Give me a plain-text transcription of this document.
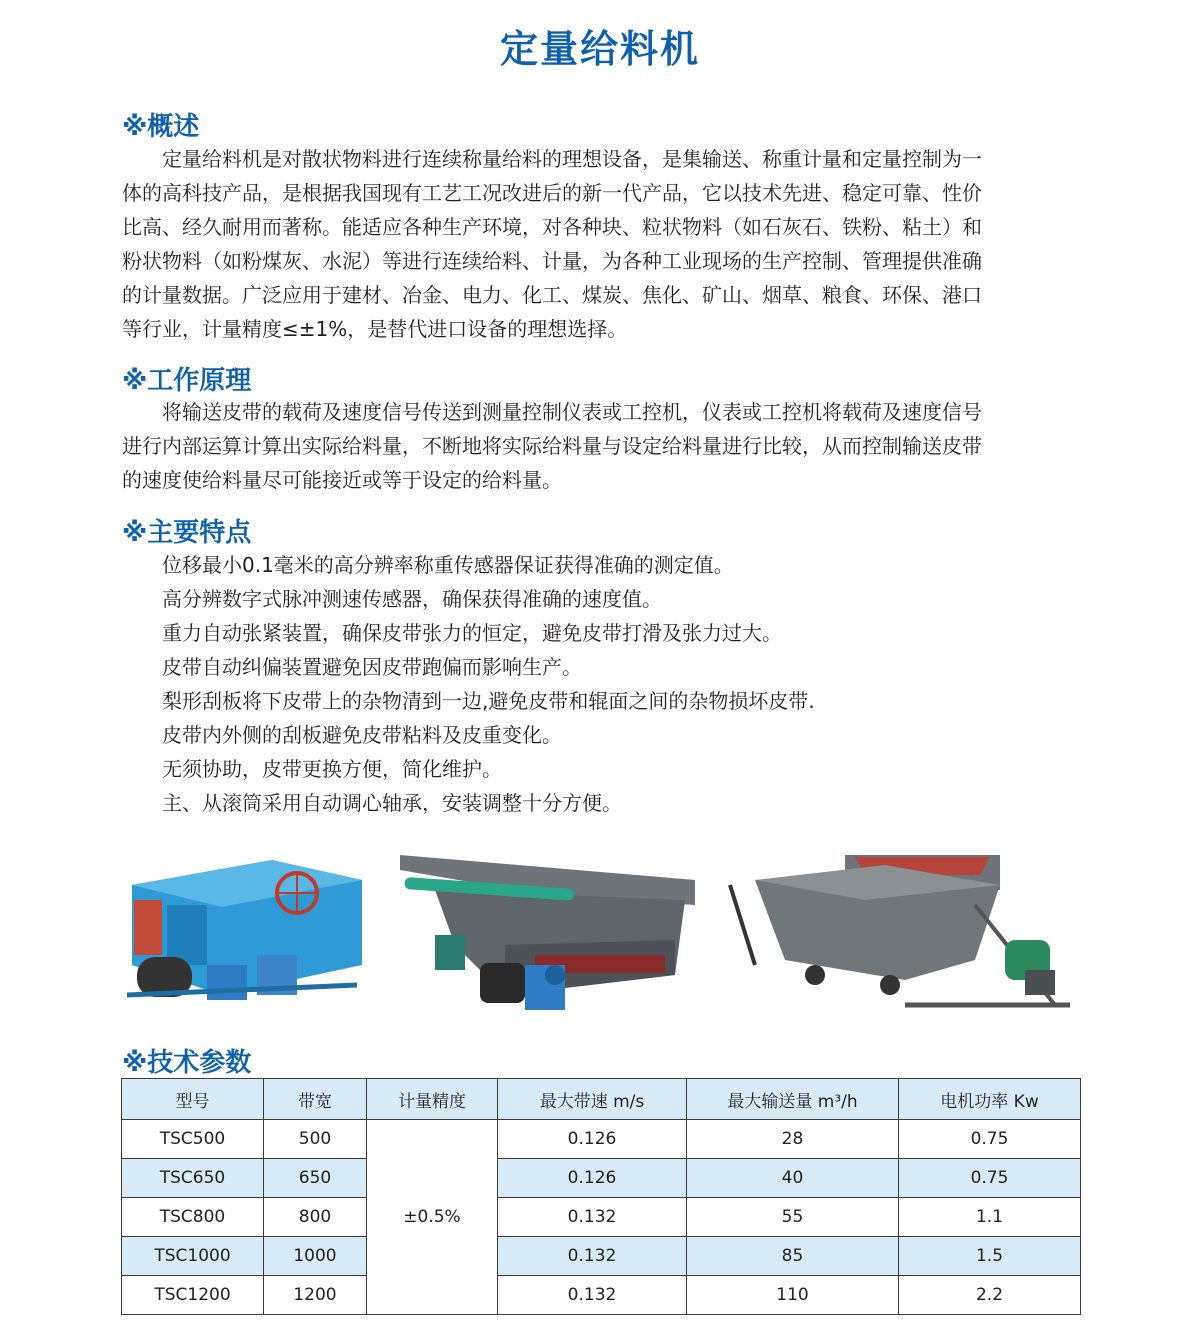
定量给料机
※概述
定量给料机是对散状物料进行连续称量给料的理想设备，是集输送、称重计量和定量控制为一
体的高科技产品，是根据我国现有工艺工况改进后的新一代产品，它以技术先进、稳定可靠、性价
比高、经久耐用而著称。能适应各种生产环境，对各种块、粒状物料（如石灰石、铁粉、粘土）和
粉状物料（如粉煤灰、水泥）等进行连续给料、计量，为各种工业现场的生产控制、管理提供准确
的计量数据。广泛应用于建材、冶金、电力、化工、煤炭、焦化、矿山、烟草、粮食、环保、港口
等行业，计量精度≤±1%，是替代进口设备的理想选择。
※工作原理
将输送皮带的载荷及速度信号传送到测量控制仪表或工控机，仪表或工控机将载荷及速度信号
进行内部运算计算出实际给料量，不断地将实际给料量与设定给料量进行比较，从而控制输送皮带
的速度使给料量尽可能接近或等于设定的给料量。
※主要特点
位移最小0.1毫米的高分辨率称重传感器保证获得准确的测定值。
高分辨数字式脉冲测速传感器，确保获得准确的速度值。
重力自动张紧装置，确保皮带张力的恒定，避免皮带打滑及张力过大。
皮带自动纠偏装置避免因皮带跑偏而影响生产。
梨形刮板将下皮带上的杂物清到一边,避免皮带和辊面之间的杂物损坏皮带.
皮带内外侧的刮板避免皮带粘料及皮重变化。
无须协助，皮带更换方便，简化维护。
主、从滚筒采用自动调心轴承，安装调整十分方便。
※技术参数
型号	带宽	计量精度	最大带速 m/s	最大输送量 m³/h	电机功率 Kw
TSC500	500	±0.5%	0.126	28	0.75
TSC650	650		0.126	40	0.75
TSC800	800		0.132	55	1.1
TSC1000	1000		0.132	85	1.5
TSC1200	1200		0.132	110	2.2
